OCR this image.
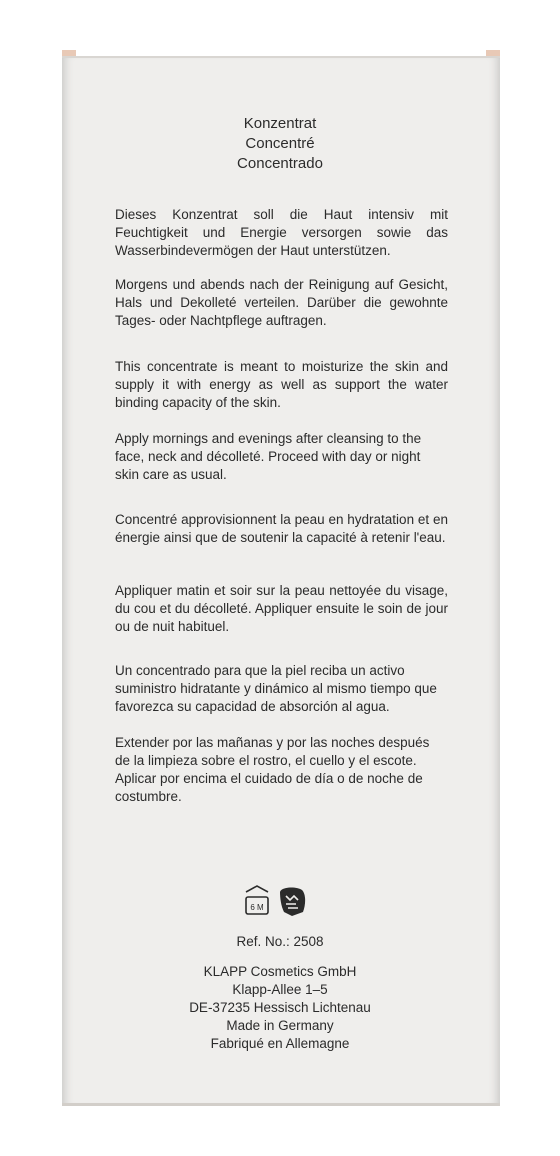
Konzentrat
Concentré
Concentrado
Dieses Konzentrat soll die Haut intensiv mit Feuchtigkeit und Energie versorgen sowie das Wasserbindevermögen der Haut unterstützen.
Morgens und abends nach der Reinigung auf Gesicht, Hals und Dekolleté verteilen. Darüber die gewohnte Tages- oder Nachtpflege auftragen.
This concentrate is meant to moisturize the skin and supply it with energy as well as support the water binding capacity of the skin.
Apply mornings and evenings after cleansing to the face, neck and décolleté. Proceed with day or night skin care as usual.
Concentré approvisionnent la peau en hydratation et en énergie ainsi que de soutenir la capacité à retenir l'eau.
Appliquer matin et soir sur la peau nettoyée du visage, du cou et du décolleté. Appliquer ensuite le soin de jour ou de nuit habituel.
Un concentrado para que la piel reciba un activo suministro hidratante y dinámico al mismo tiempo que favorezca su capacidad de absorción al agua.
Extender por las mañanas y por las noches después de la limpieza sobre el rostro, el cuello y el escote. Aplicar por encima el cuidado de día o de noche de costumbre.
6 M
Ref. No.: 2508
KLAPP Cosmetics GmbH
Klapp-Allee 1–5
DE-37235 Hessisch Lichtenau
Made in Germany
Fabriqué en Allemagne
